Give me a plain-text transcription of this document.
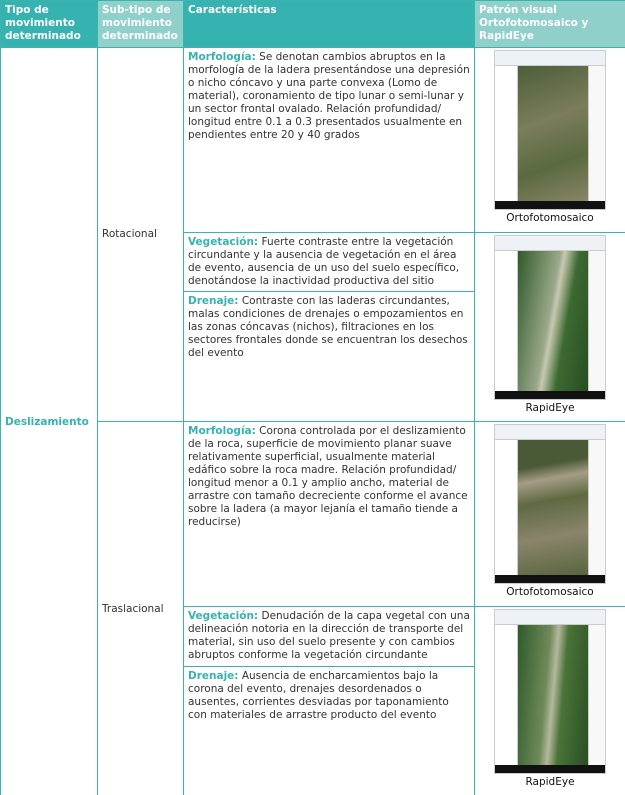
Tipo de movimiento determinado	Sub-tipo de movimiento determinado	Características	Patrón visual Ortofotomosaico y RapidEye
Deslizamiento	Rotacional	Morfología: Se denotan cambios abruptos en la morfología de la ladera presentándose una depresión o nicho cóncavo y una parte convexa (Lomo de material), coronamiento de tipo lunar o semi-lunar y un sector frontal ovalado. Relación profundidad/ longitud entre 0.1 a 0.3 presentados usualmente en pendientes entre 20 y 40 grados	Ortofotomosaico

		Vegetación: Fuerte contraste entre la vegetación circundante y la ausencia de vegetación en el área de evento, ausencia de un uso del suelo específico, denotándose la inactividad productiva del sitio	RapidEye

		Drenaje: Contraste con las laderas circundantes, malas condiciones de drenajes o empozamientos en las zonas cóncavas (nichos), filtraciones en los sectores frontales donde se encuentran los desechos del evento	
	Traslacional	Morfología: Corona controlada por el deslizamiento de la roca, superficie de movimiento planar suave relativamente superficial, usualmente material edáfico sobre la roca madre. Relación profundidad/ longitud menor a 0.1 y amplio ancho, material de arrastre con tamaño decreciente conforme el avance sobre la ladera (a mayor lejanía el tamaño tiende a reducirse)	Ortofotomosaico

		Vegetación: Denudación de la capa vegetal con una delineación notoria en la dirección de transporte del material, sin uso del suelo presente y con cambios abruptos conforme la vegetación circundante	RapidEye

		Drenaje: Ausencia de encharcamientos bajo la corona del evento, drenajes desordenados o ausentes, corrientes desviadas por taponamiento con materiales de arrastre producto del evento	
